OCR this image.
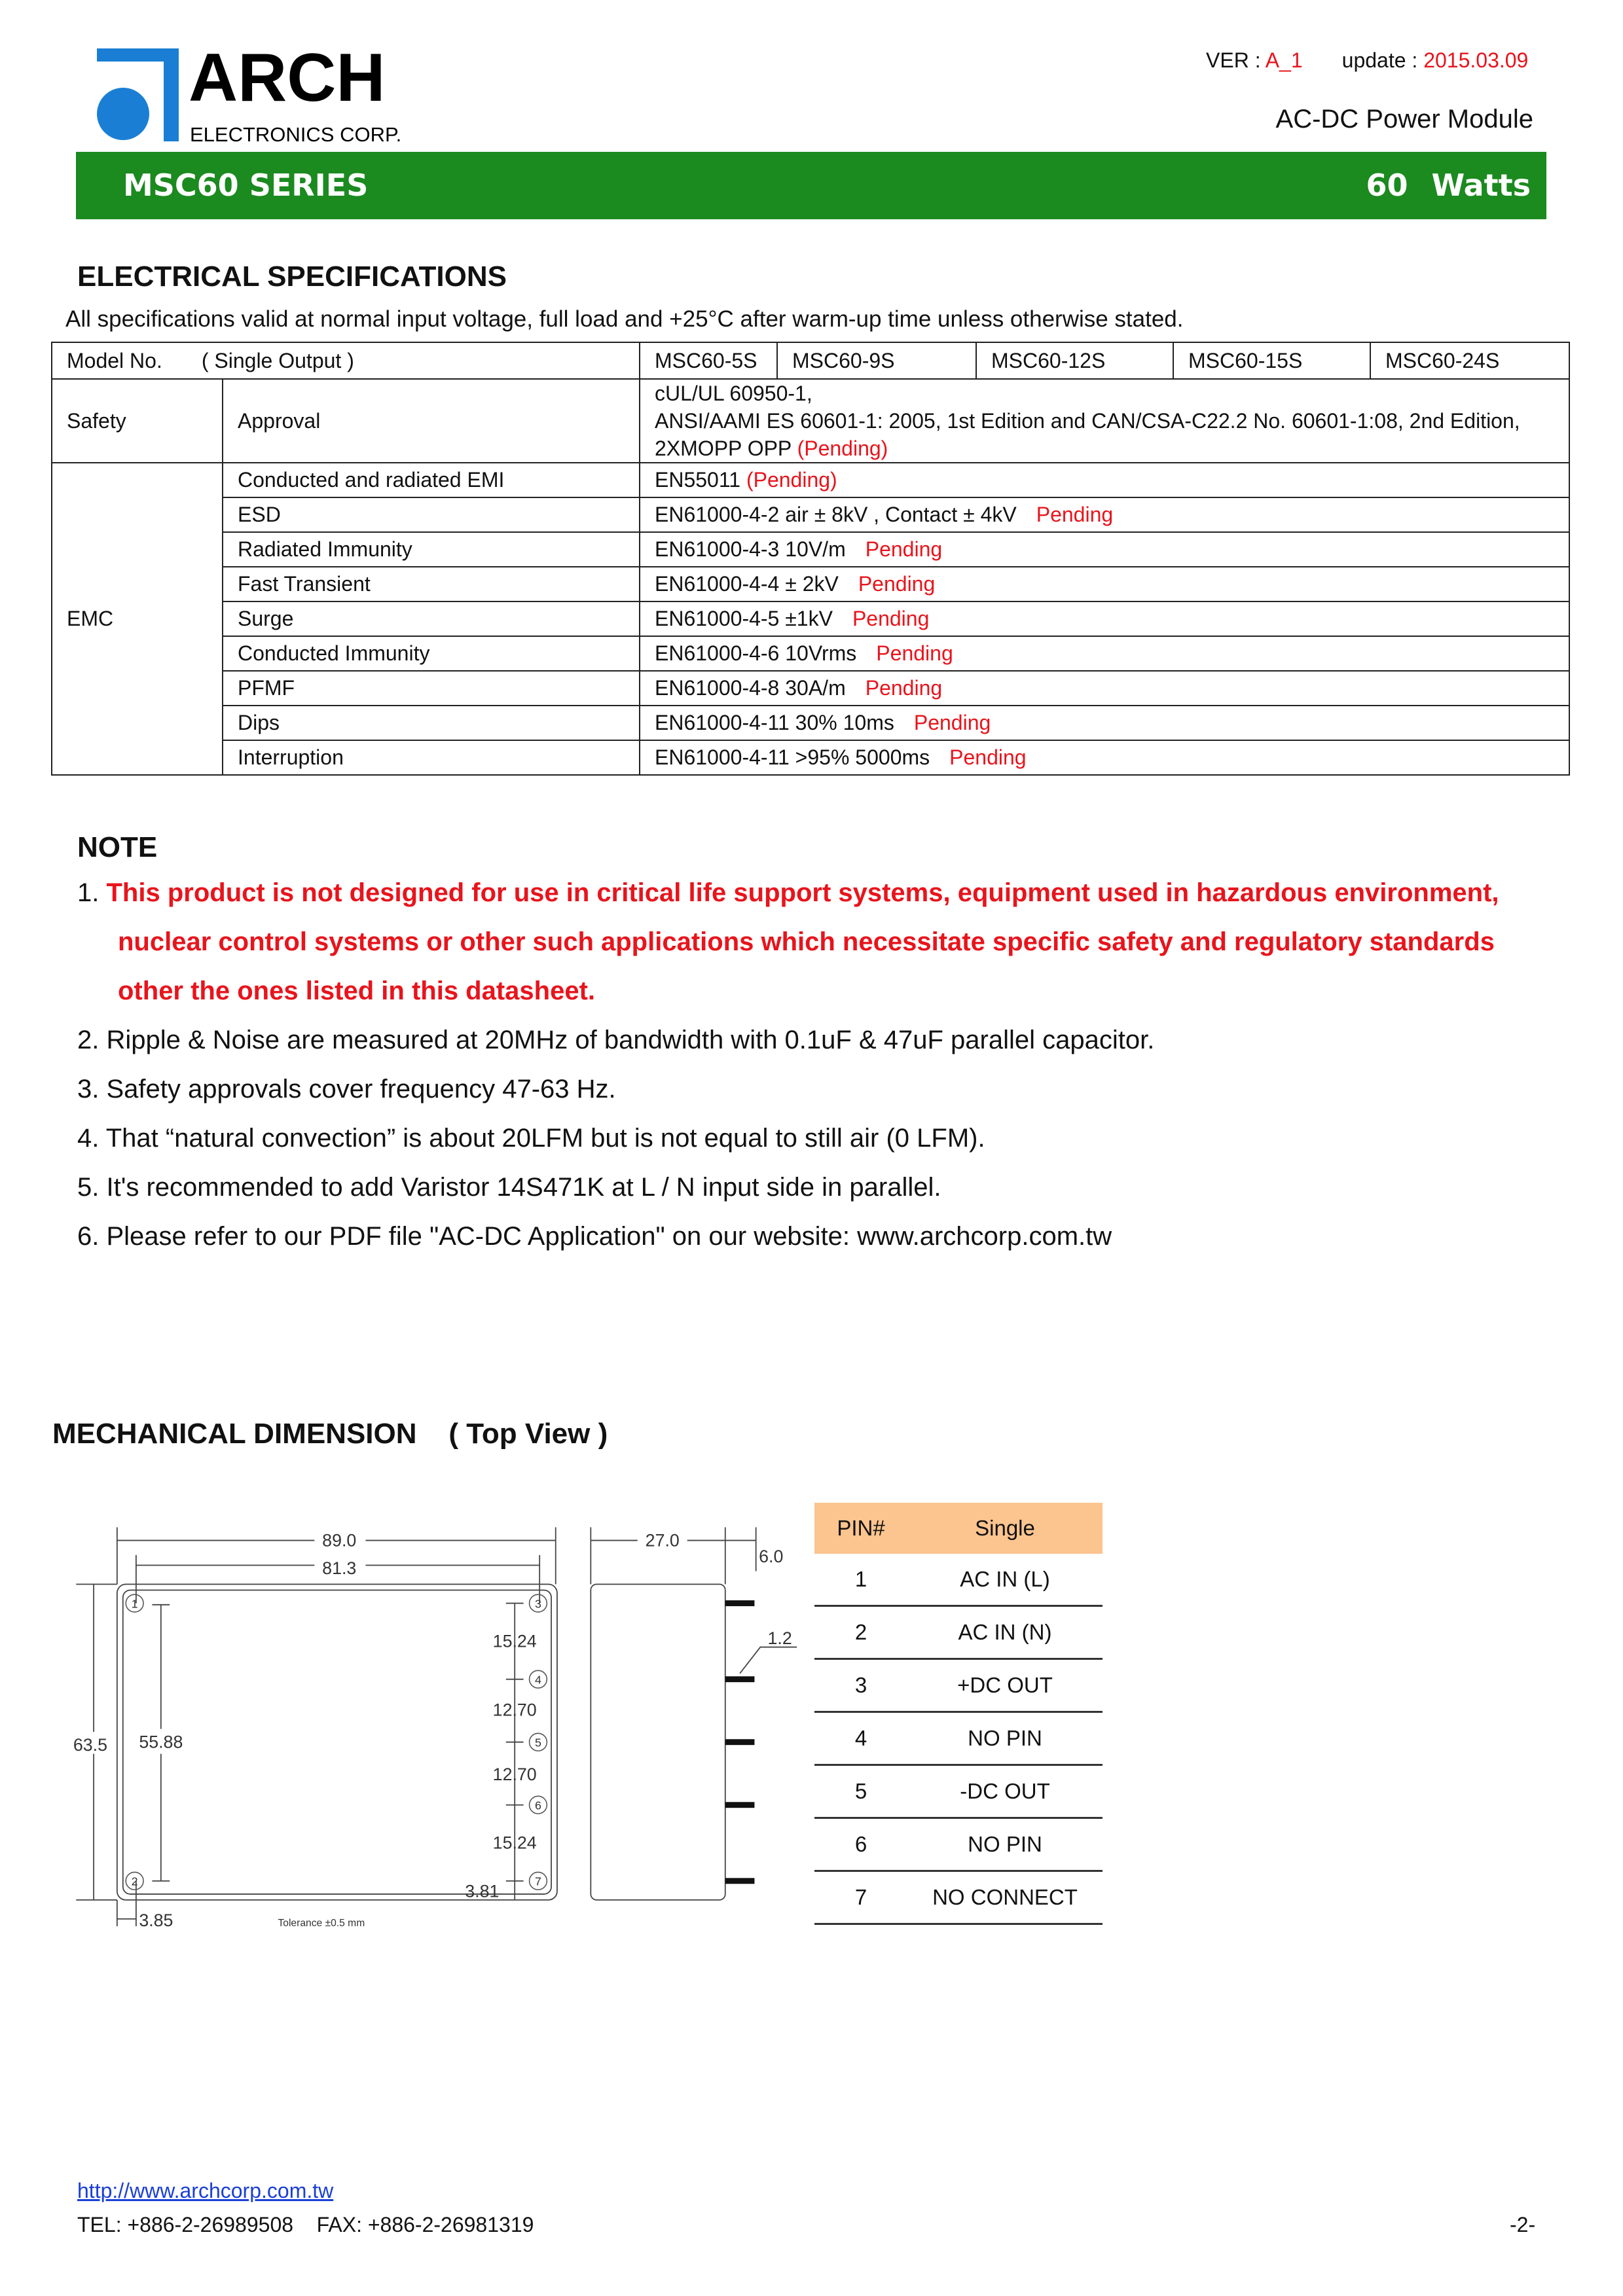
ARCH
ELECTRONICS CORP.
VER : A_1 update : 2015.03.09
AC-DC Power Module
MSC60 SERIES	60 Watts
ELECTRICAL SPECIFICATIONS
All specifications valid at normal input voltage, full load and +25°C after warm-up time unless otherwise stated.
Model No. ( Single Output )		MSC60-5S	MSC60-9S	MSC60-12S	MSC60-15S	MSC60-24S
Safety	Approval	cUL/UL 60950-1,
ANSI/AAMI ES 60601-1: 2005, 1st Edition and CAN/CSA-C22.2 No. 60601-1:08, 2nd Edition,
2XMOPP OPP (Pending)				

EMC	Conducted and radiated EMI	EN55011 (Pending)				
	ESD	EN61000-4-2 air ± 8kV , Contact ± 4kV Pending				
	Radiated Immunity	EN61000-4-3 10V/m Pending				
	Fast Transient	EN61000-4-4 ± 2kV Pending				
	Surge	EN61000-4-5 ±1kV Pending				
	Conducted Immunity	EN61000-4-6 10Vrms Pending				
	PFMF	EN61000-4-8 30A/m Pending				
	Dips	EN61000-4-11 30% 10ms Pending				
	Interruption	EN61000-4-11 >95% 5000ms Pending				
NOTE
1. This product is not designed for use in critical life support systems, equipment used in hazardous environment,
nuclear control systems or other such applications which necessitate specific safety and regulatory standards
other the ones listed in this datasheet.
2. Ripple & Noise are measured at 20MHz of bandwidth with 0.1uF & 47uF parallel capacitor.
3. Safety approvals cover frequency 47-63 Hz.
4. That “natural convection” is about 20LFM but is not equal to still air (0 LFM).
5. It's recommended to add Varistor 14S471K at L / N input side in parallel.
6. Please refer to our PDF file "AC-DC Application" on our website: www.archcorp.com.tw
MECHANICAL DIMENSION    ( Top View )
1
2
3
4
5
6
7
89.0
81.3
63.5	55.88
15.24
12.70
12.70
15.24
3.81
3.85	Tolerance ±0.5 mm
27.0
6.0
1.2
PIN#	Single
1	AC IN (L)
2	AC IN (N)
3	+DC OUT
4	NO PIN
5	-DC OUT
6	NO PIN
7	NO CONNECT
http://www.archcorp.com.tw
TEL: +886-2-26989508    FAX: +886-2-26981319	-2-
